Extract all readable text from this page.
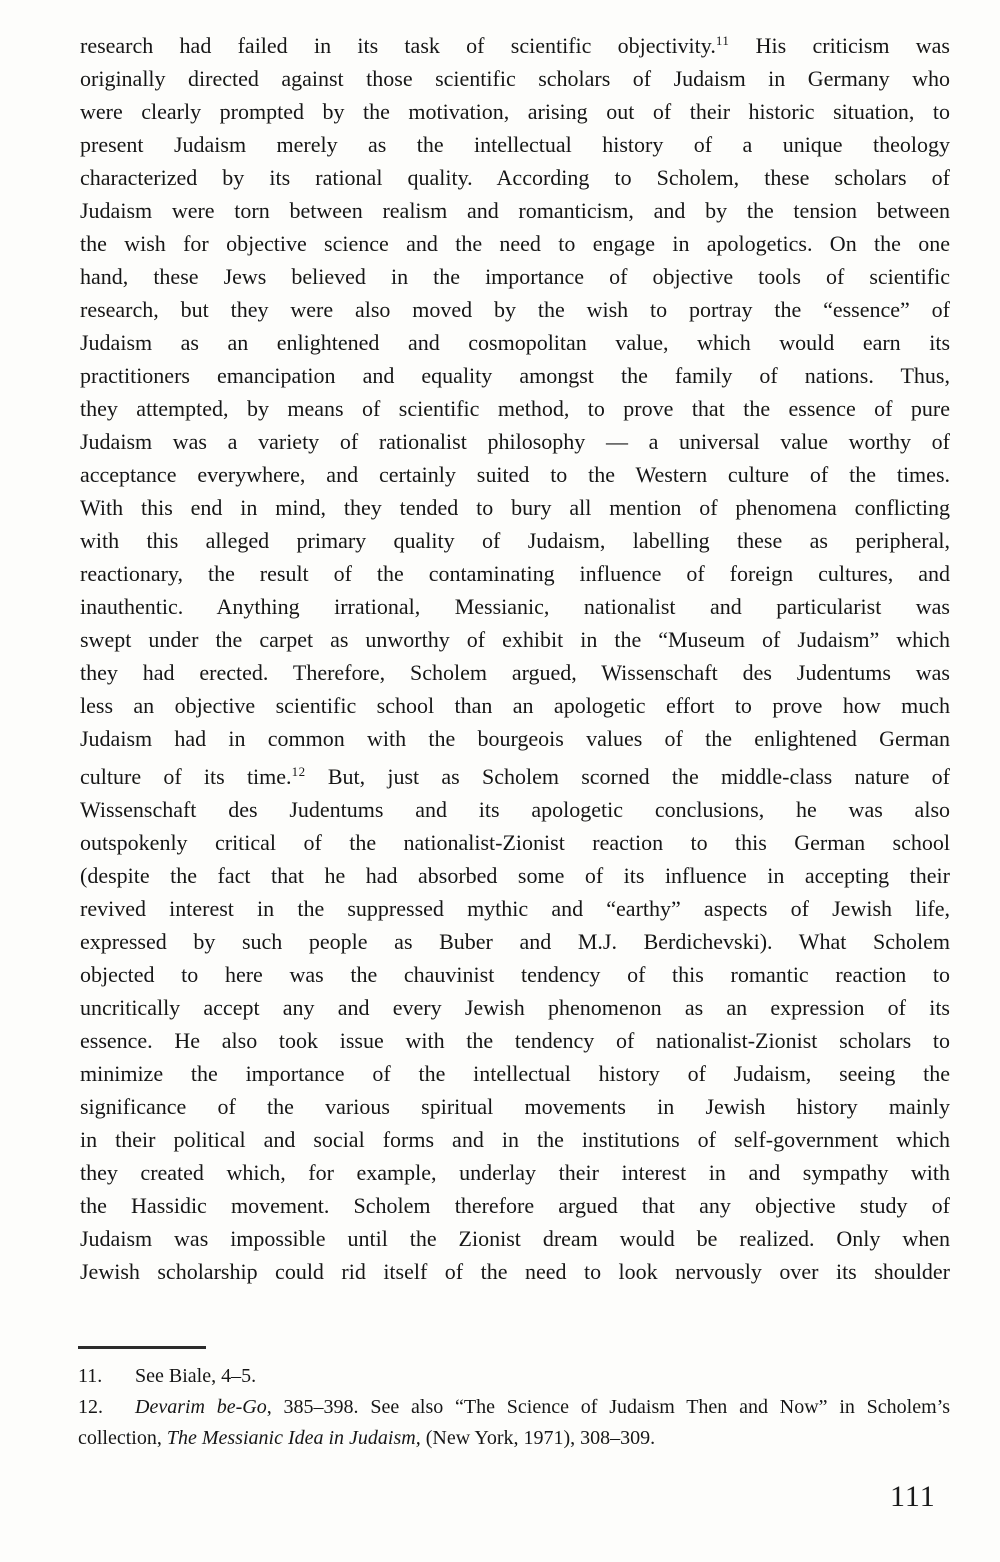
research had failed in its task of scientific objectivity.$^{11}$ His criticism was
originally directed against those scientific scholars of Judaism in Germany who
were clearly prompted by the motivation, arising out of their historic situation, to
present Judaism merely as the intellectual history of a unique theology
characterized by its rational quality. According to Scholem, these scholars of
Judaism were torn between realism and romanticism, and by the tension between
the wish for objective science and the need to engage in apologetics. On the one
hand, these Jews believed in the importance of objective tools of scientific
research, but they were also moved by the wish to portray the “essence” of
Judaism as an enlightened and cosmopolitan value, which would earn its
practitioners emancipation and equality amongst the family of nations. Thus,
they attempted, by means of scientific method, to prove that the essence of pure
Judaism was a variety of rationalist philosophy — a universal value worthy of
acceptance everywhere, and certainly suited to the Western culture of the times.
With this end in mind, they tended to bury all mention of phenomena conflicting
with this alleged primary quality of Judaism, labelling these as peripheral,
reactionary, the result of the contaminating influence of foreign cultures, and
inauthentic. Anything irrational, Messianic, nationalist and particularist was
swept under the carpet as unworthy of exhibit in the “Museum of Judaism” which
they had erected. Therefore, Scholem argued, Wissenschaft des Judentums was
less an objective scientific school than an apologetic effort to prove how much
Judaism had in common with the bourgeois values of the enlightened German
culture of its time.$^{12}$ But, just as Scholem scorned the middle-class nature of
Wissenschaft des Judentums and its apologetic conclusions, he was also
outspokenly critical of the nationalist-Zionist reaction to this German school
(despite the fact that he had absorbed some of its influence in accepting their
revived interest in the suppressed mythic and “earthy” aspects of Jewish life,
expressed by such people as Buber and M.J. Berdichevski). What Scholem
objected to here was the chauvinist tendency of this romantic reaction to
uncritically accept any and every Jewish phenomenon as an expression of its
essence. He also took issue with the tendency of nationalist-Zionist scholars to
minimize the importance of the intellectual history of Judaism, seeing the
significance of the various spiritual movements in Jewish history mainly
in their political and social forms and in the institutions of self-government which
they created which, for example, underlay their interest in and sympathy with
the Hassidic movement. Scholem therefore argued that any objective study of
Judaism was impossible until the Zionist dream would be realized. Only when
Jewish scholarship could rid itself of the need to look nervously over its shoulder
11. See Biale, 4–5.
12. Devarim be-Go, 385–398. See also “The Science of Judaism Then and Now” in Scholem’s
collection, The Messianic Idea in Judaism, (New York, 1971), 308–309.
111
